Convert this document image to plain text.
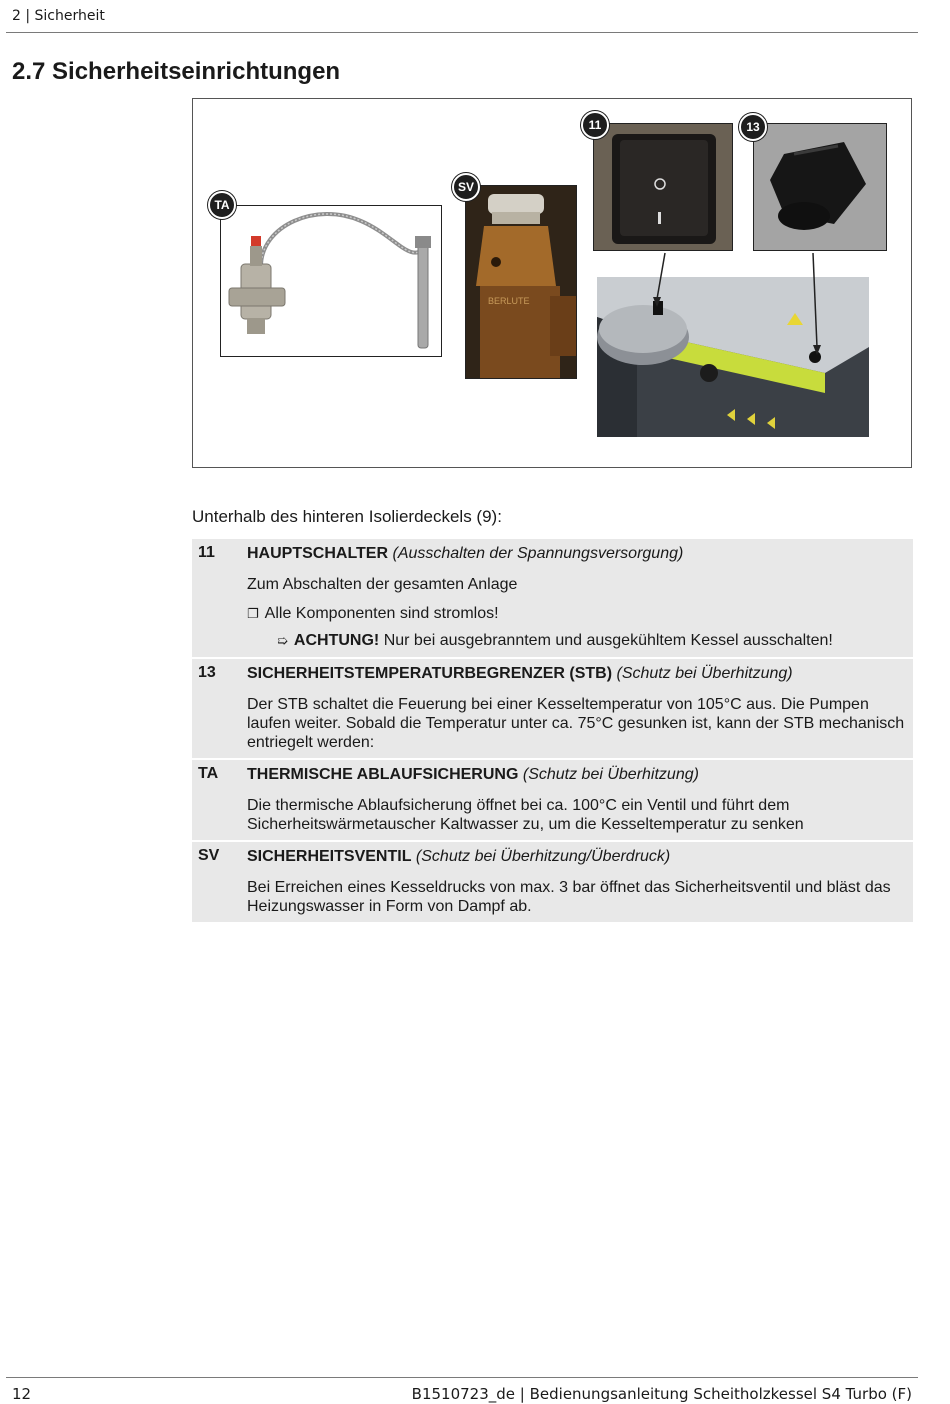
2 | Sicherheit
2.7 Sicherheitseinrichtungen
BERLUTE
TA
SV
11	13
Unterhalb des hinteren Isolierdeckels (9):
11 HAUPTSCHALTER (Ausschalten der Spannungsversorgung)
Zum Abschalten der gesamten Anlage
❐ Alle Komponenten sind stromlos!
➯ ACHTUNG! Nur bei ausgebranntem und ausgekühltem Kessel ausschalten!
13 SICHERHEITSTEMPERATURBEGRENZER (STB) (Schutz bei Überhitzung)
Der STB schaltet die Feuerung bei einer Kesseltemperatur von 105°C aus. Die Pumpen laufen weiter. Sobald die Temperatur unter ca. 75°C gesunken ist, kann der STB mechanisch entriegelt werden:
TA THERMISCHE ABLAUFSICHERUNG (Schutz bei Überhitzung)
Die thermische Ablaufsicherung öffnet bei ca. 100°C ein Ventil und führt dem Sicherheitswärmetauscher Kaltwasser zu, um die Kesseltemperatur zu senken
SV SICHERHEITSVENTIL (Schutz bei Überhitzung/Überdruck)
Bei Erreichen eines Kesseldrucks von max. 3 bar öffnet das Sicherheitsventil und bläst das Heizungswasser in Form von Dampf ab.
12	B1510723_de | Bedienungsanleitung Scheitholzkessel S4 Turbo (F)
